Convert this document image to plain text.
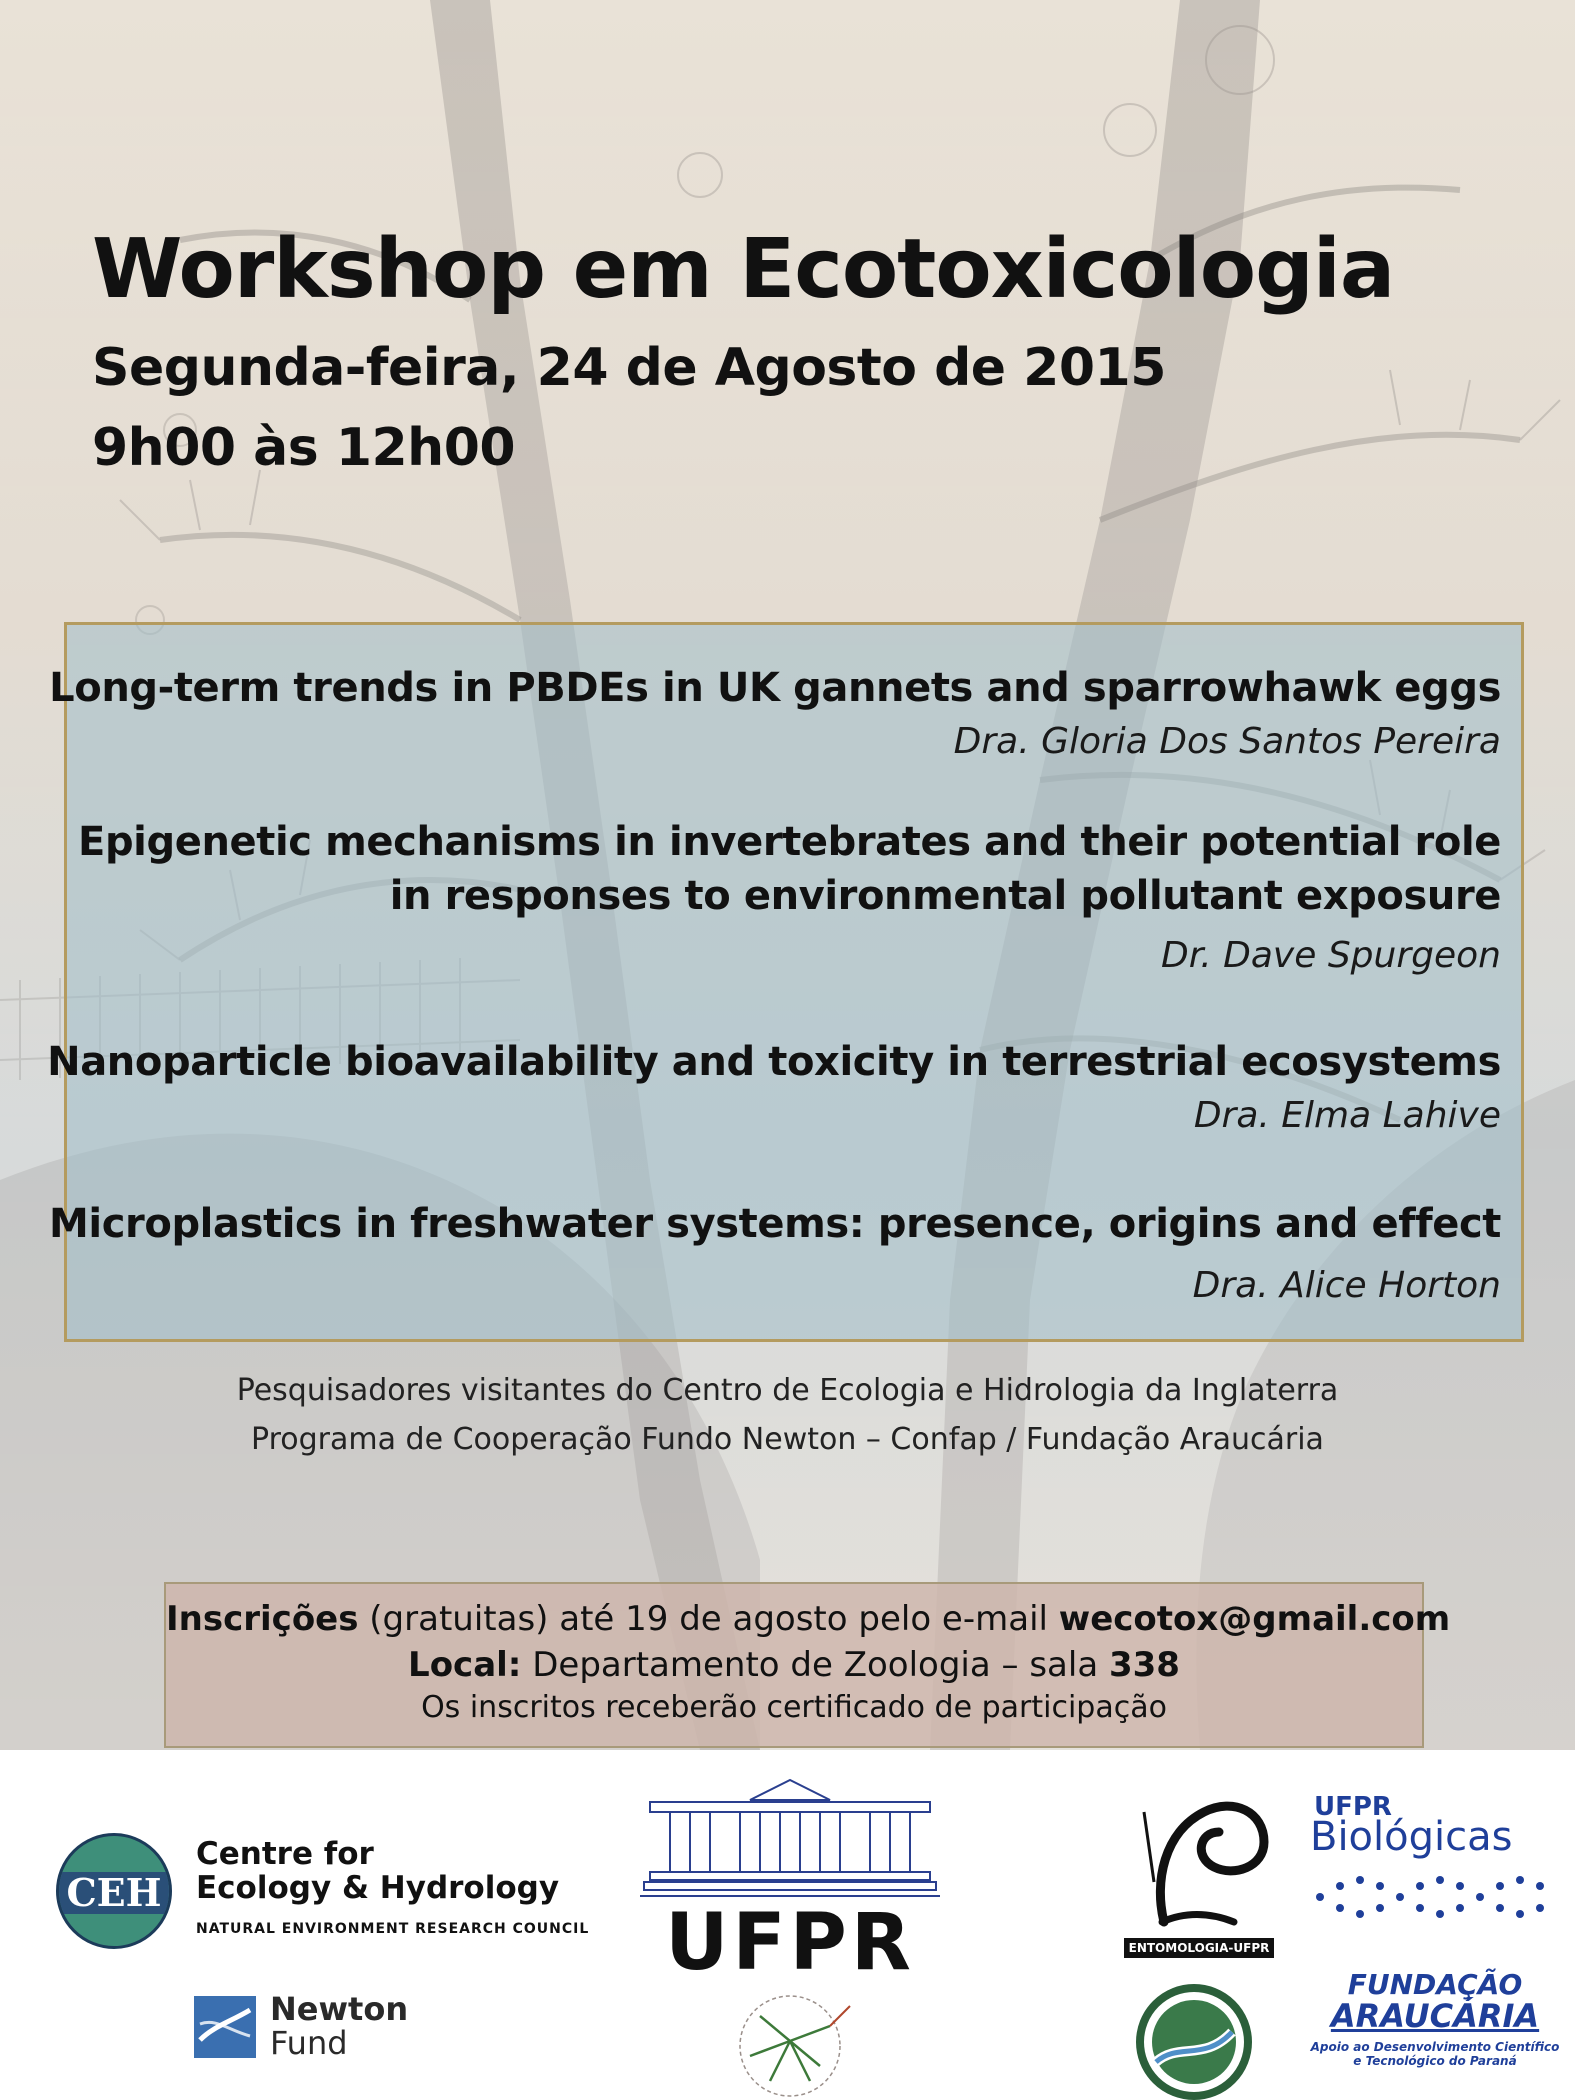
Workshop em Ecotoxicologia
Segunda-feira, 24 de Agosto de 2015
9h00 às 12h00
Long-term trends in PBDEs in UK gannets and sparrowhawk eggs
Dra. Gloria Dos Santos Pereira
Epigenetic mechanisms in invertebrates and their potential role
in responses to environmental pollutant exposure
Dr. Dave Spurgeon
Nanoparticle bioavailability and toxicity in terrestrial ecosystems
Dra. Elma Lahive
Microplastics in freshwater systems: presence, origins and effect
Dra. Alice Horton
Pesquisadores visitantes do Centro de Ecologia e Hidrologia da Inglaterra
Programa de Cooperação Fundo Newton – Confap / Fundação Araucária
Inscrições (gratuitas) até 19 de agosto pelo e-mail wecotox@gmail.com
Local: Departamento de Zoologia – sala 338
Os inscritos receberão certificado de participação
CEH
Centre for
Ecology & Hydrology
NATURAL ENVIRONMENT RESEARCH COUNCIL
Newton
Fund
UFPR	ENTOMOLOGIA-UFPR
UFPR
Biológicas
FUNDAÇÃO
ARAUCÁRIA
Apoio ao Desenvolvimento Científico
e Tecnológico do Paraná
